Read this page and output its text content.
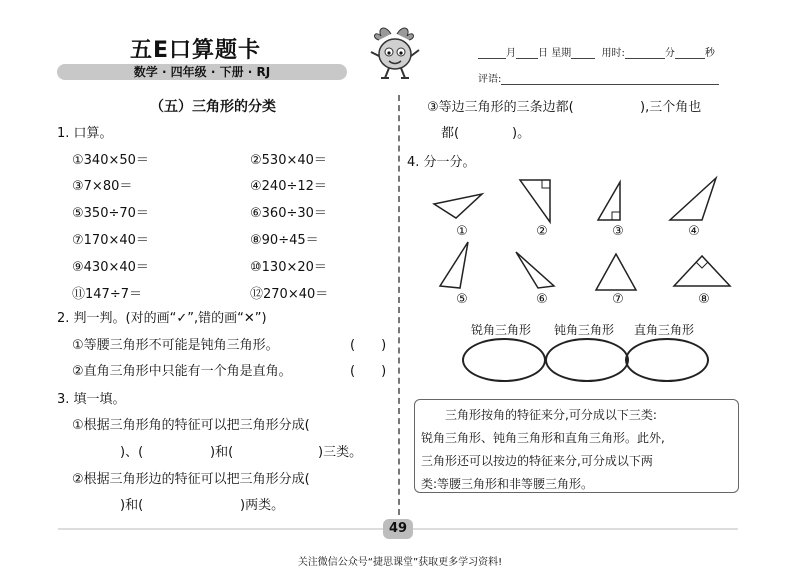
五E口算题卡
数学 · 四年级 · 下册 · RJ
月 日 星期	用时:	分	秒
评语:
（五）三角形的分类
1. 口算。
①340×50＝	②530×40＝
③7×80＝	④240÷12＝
⑤350÷70＝	⑥360÷30＝
⑦170×40＝	⑧90÷45＝
⑨430×40＝	⑩130×20＝
⑪147÷7＝	⑫270×40＝
2. 判一判。(对的画“✓”,错的画“✕”)
①等腰三角形不可能是钝角三角形。	(　　)
②直角三角形中只能有一个角是直角。	(　　)
3. 填一填。
①根据三角形角的特征可以把三角形分成(
)、(	)和(	)三类。
②根据三角形边的特征可以把三角形分成(
)和(	)两类。
③等边三角形的三条边都(	),三个角也
都(	)。
4. 分一分。
①	②	③	④
⑤	⑥	⑦	⑧
锐角三角形 钝角三角形 直角三角形
三角形按角的特征来分,可分成以下三类:
锐角三角形、钝角三角形和直角三角形。此外,
三角形还可以按边的特征来分,可分成以下两
类:等腰三角形和非等腰三角形。
49
关注微信公众号“捷思课堂”获取更多学习资料!
